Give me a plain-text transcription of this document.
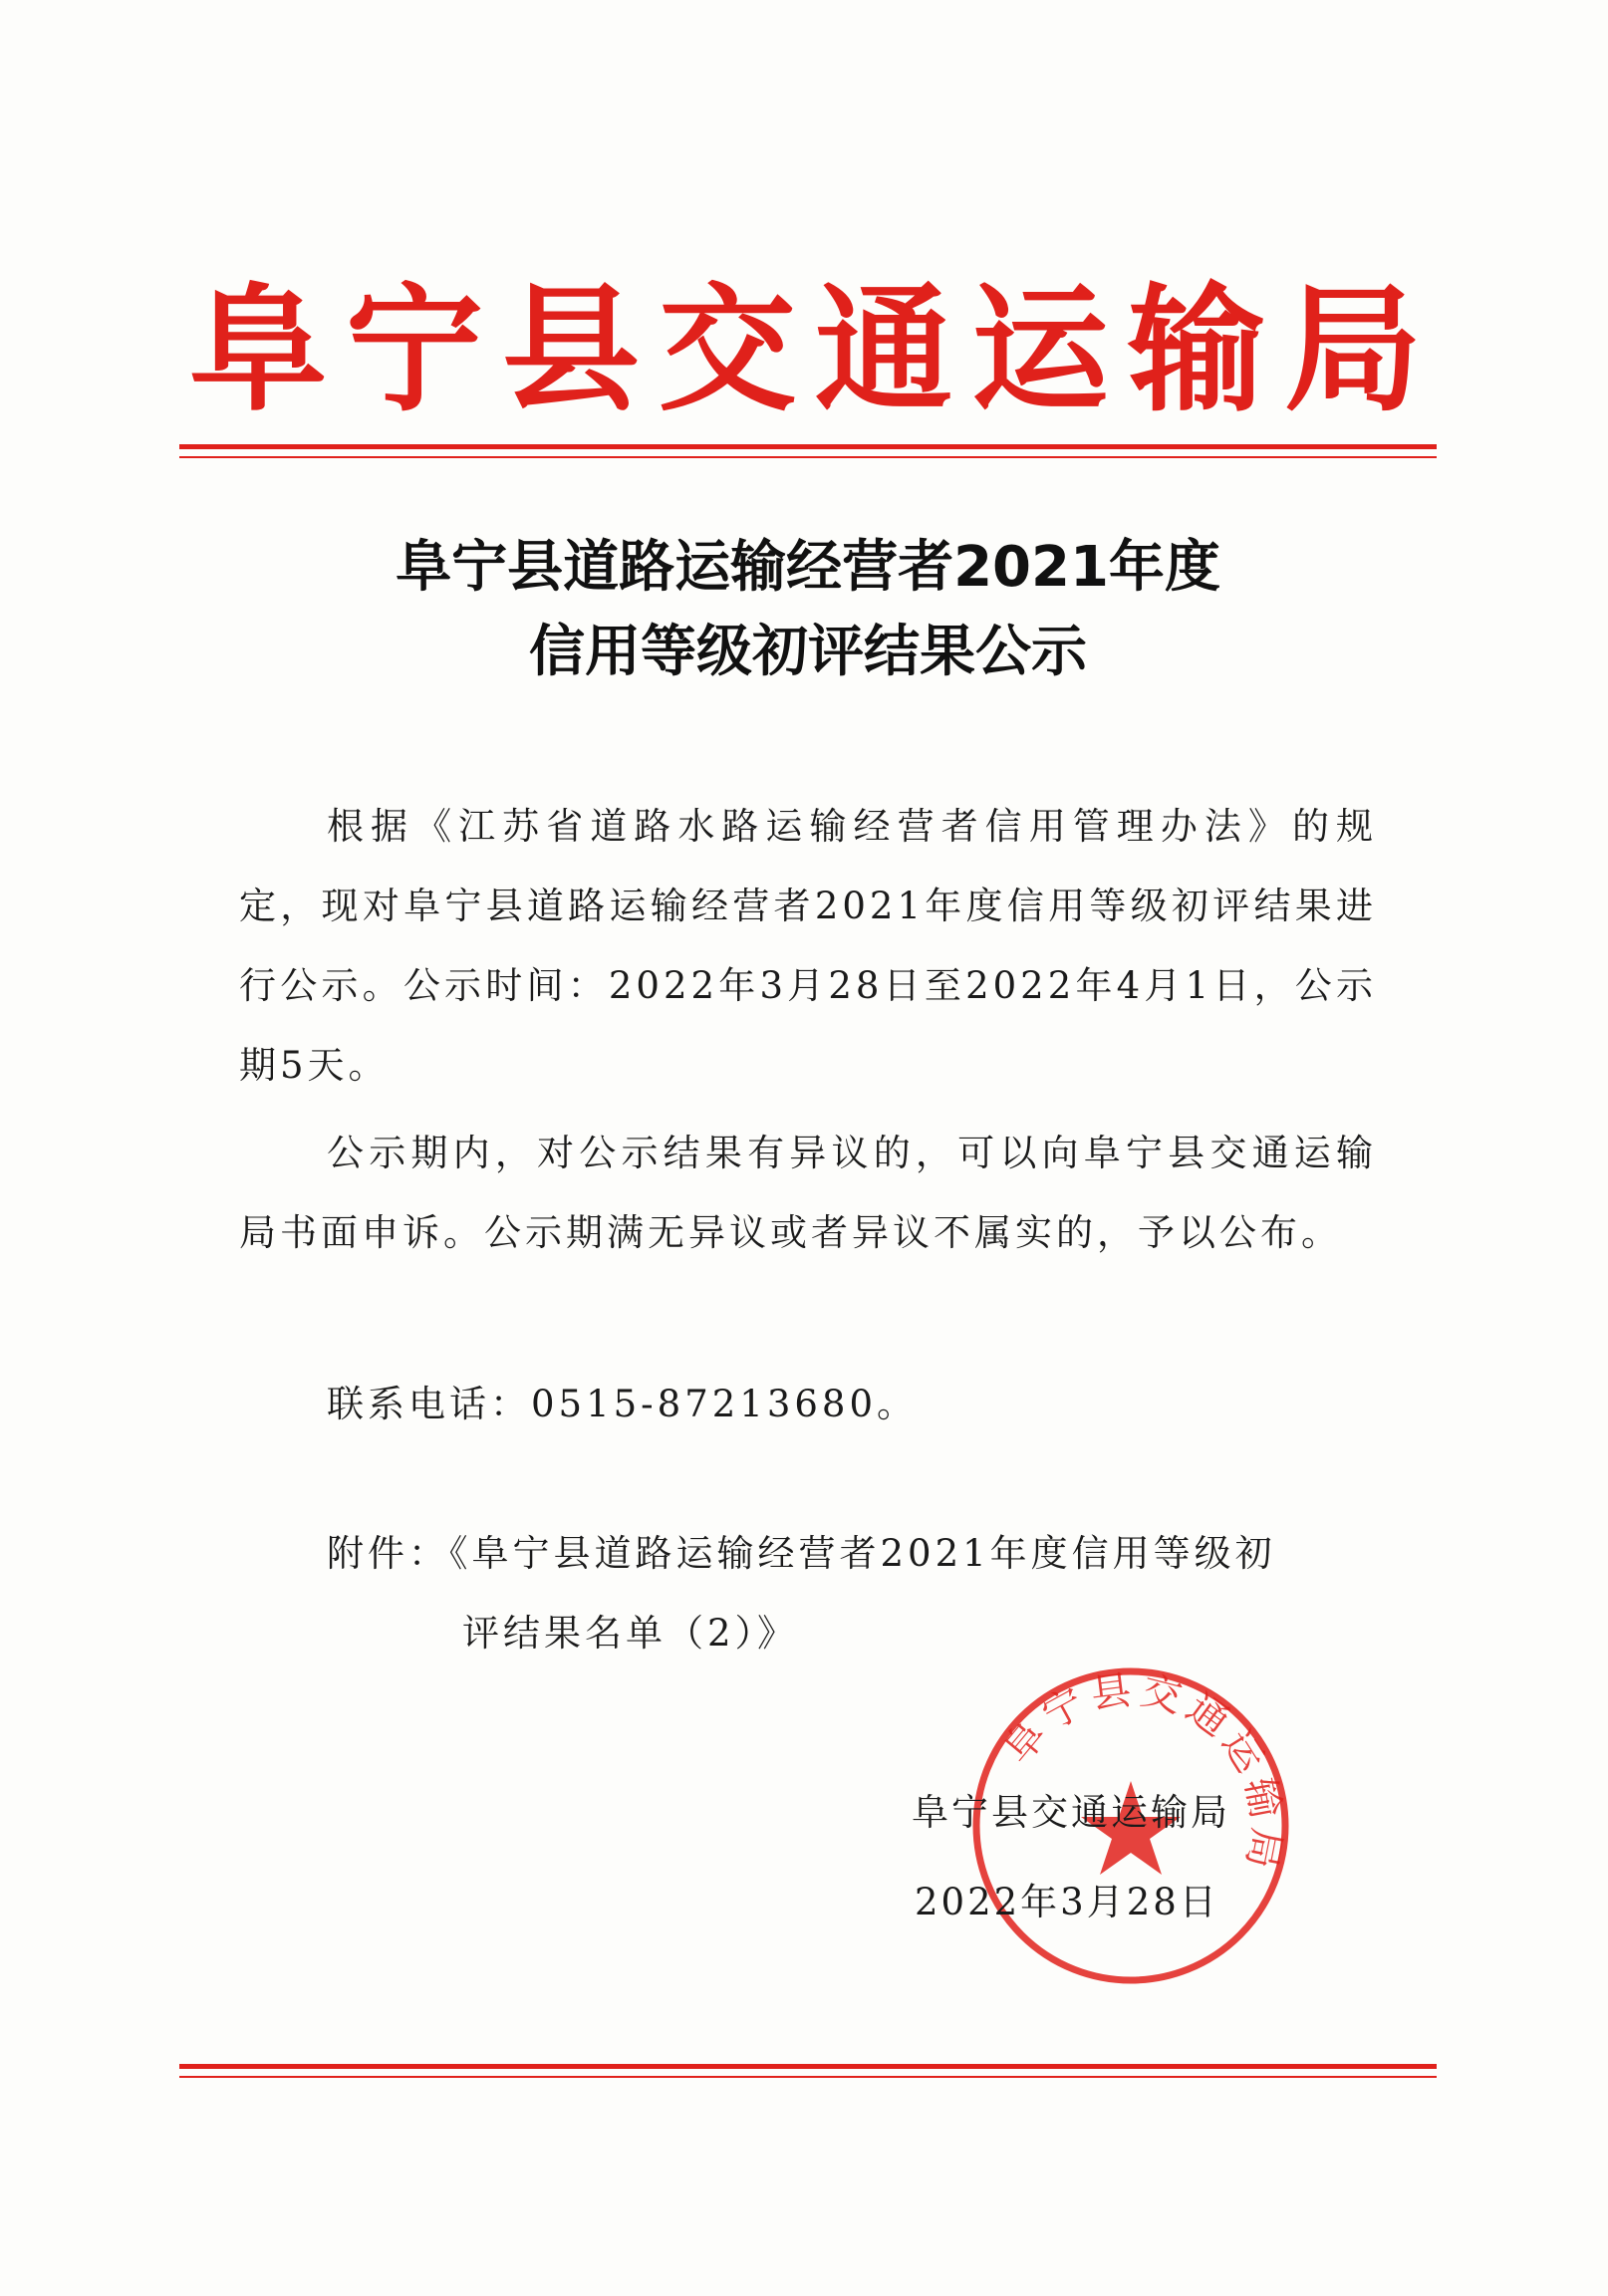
阜宁县交通运输局
阜宁县道路运输经营者2021年度
信用等级初评结果公示
根据《江苏省道路水路运输经营者信用管理办法》的规定，现对阜宁县道路运输经营者2021年度信用等级初评结果进行公示。公示时间：2022年3月28日至2022年4月1日，公示期5天。
公示期内，对公示结果有异议的，可以向阜宁县交通运输局书面申诉。公示期满无异议或者异议不属实的，予以公布。
联系电话：0515-87213680。
附件：《阜宁县道路运输经营者2021年度信用等级初
评结果名单（2）》
阜宁县交通运输局
阜宁县交通运输局
2022年3月28日
